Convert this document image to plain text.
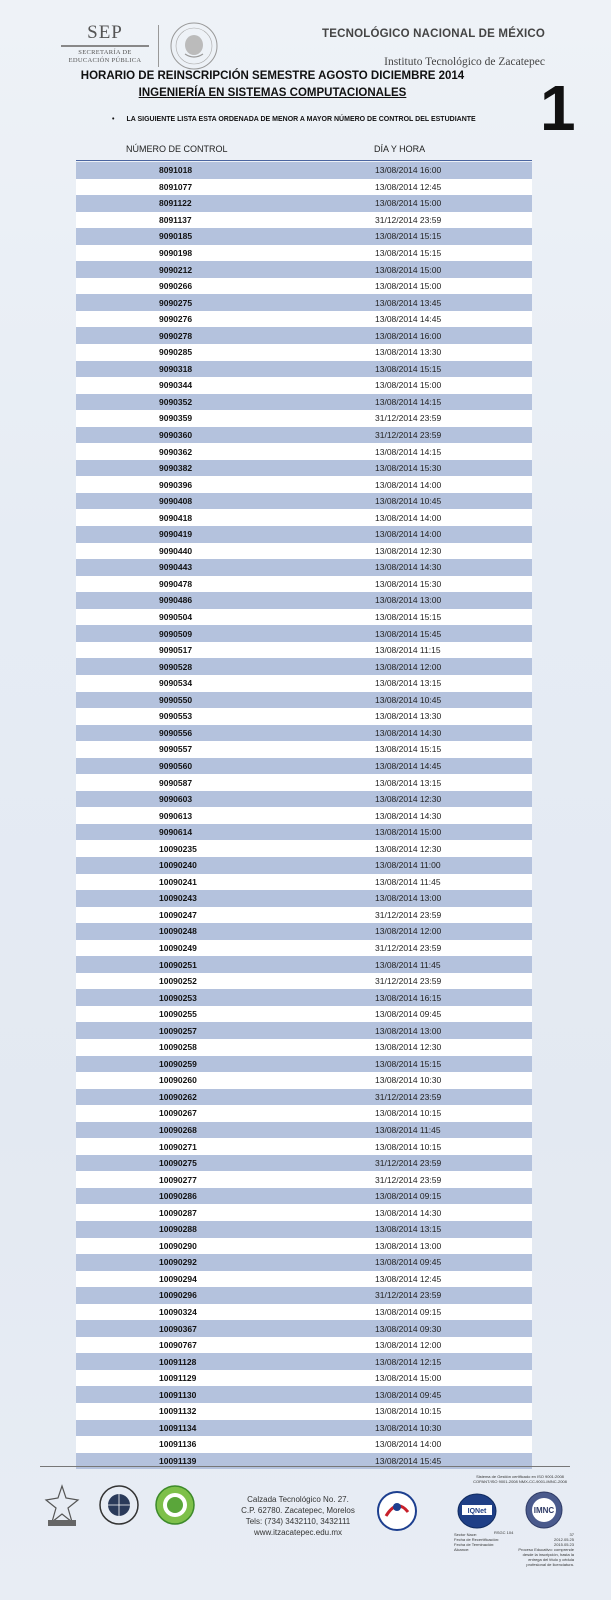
SEP
SECRETARÍA DE
EDUCACIÓN PÚBLICA
TECNOLÓGICO NACIONAL DE MÉXICO
Instituto Tecnológico de Zacatepec
HORARIO DE REINSCRIPCIÓN SEMESTRE AGOSTO DICIEMBRE 2014
INGENIERÍA EN SISTEMAS COMPUTACIONALES	1
• LA SIGUIENTE LISTA ESTA ORDENADA DE MENOR A MAYOR NÚMERO DE CONTROL DEL ESTUDIANTE
NÚMERO DE CONTROL	DÍA Y HORA
8091018	13/08/2014 16:00
8091077	13/08/2014 12:45
8091122	13/08/2014 15:00
8091137	31/12/2014 23:59
9090185	13/08/2014 15:15
9090198	13/08/2014 15:15
9090212	13/08/2014 15:00
9090266	13/08/2014 15:00
9090275	13/08/2014 13:45
9090276	13/08/2014 14:45
9090278	13/08/2014 16:00
9090285	13/08/2014 13:30
9090318	13/08/2014 15:15
9090344	13/08/2014 15:00
9090352	13/08/2014 14:15
9090359	31/12/2014 23:59
9090360	31/12/2014 23:59
9090362	13/08/2014 14:15
9090382	13/08/2014 15:30
9090396	13/08/2014 14:00
9090408	13/08/2014 10:45
9090418	13/08/2014 14:00
9090419	13/08/2014 14:00
9090440	13/08/2014 12:30
9090443	13/08/2014 14:30
9090478	13/08/2014 15:30
9090486	13/08/2014 13:00
9090504	13/08/2014 15:15
9090509	13/08/2014 15:45
9090517	13/08/2014 11:15
9090528	13/08/2014 12:00
9090534	13/08/2014 13:15
9090550	13/08/2014 10:45
9090553	13/08/2014 13:30
9090556	13/08/2014 14:30
9090557	13/08/2014 15:15
9090560	13/08/2014 14:45
9090587	13/08/2014 13:15
9090603	13/08/2014 12:30
9090613	13/08/2014 14:30
9090614	13/08/2014 15:00
10090235	13/08/2014 12:30
10090240	13/08/2014 11:00
10090241	13/08/2014 11:45
10090243	13/08/2014 13:00
10090247	31/12/2014 23:59
10090248	13/08/2014 12:00
10090249	31/12/2014 23:59
10090251	13/08/2014 11:45
10090252	31/12/2014 23:59
10090253	13/08/2014 16:15
10090255	13/08/2014 09:45
10090257	13/08/2014 13:00
10090258	13/08/2014 12:30
10090259	13/08/2014 15:15
10090260	13/08/2014 10:30
10090262	31/12/2014 23:59
10090267	13/08/2014 10:15
10090268	13/08/2014 11:45
10090271	13/08/2014 10:15
10090275	31/12/2014 23:59
10090277	31/12/2014 23:59
10090286	13/08/2014 09:15
10090287	13/08/2014 14:30
10090288	13/08/2014 13:15
10090290	13/08/2014 13:00
10090292	13/08/2014 09:45
10090294	13/08/2014 12:45
10090296	31/12/2014 23:59
10090324	13/08/2014 09:15
10090367	13/08/2014 09:30
10090767	13/08/2014 12:00
10091128	13/08/2014 12:15
10091129	13/08/2014 15:00
10091130	13/08/2014 09:45
10091132	13/08/2014 10:15
10091134	13/08/2014 10:30
10091136	13/08/2014 14:00
10091139	13/08/2014 15:45
Calzada Tecnológico No. 27.
C.P. 62780. Zacatepec, Morelos
Tels: (734) 3432110, 3432111
www.itzacatepec.edu.mx
Sistema de Gestión certificado en ISO 9001:2008
COPANT/ISO 9001-2008 NMX-CC-9001-IMNC-2008
IQNet	IMNC
RSGC 104
Sector Nace:	37
Fecha de Recertificación:	2012.05.25
Fecha de Terminación:	2015.05.23
Alcance:	Proceso Educativo: comprende
desde la inscripción, hasta la
entrega del título y cédula
profesional de licenciatura.
